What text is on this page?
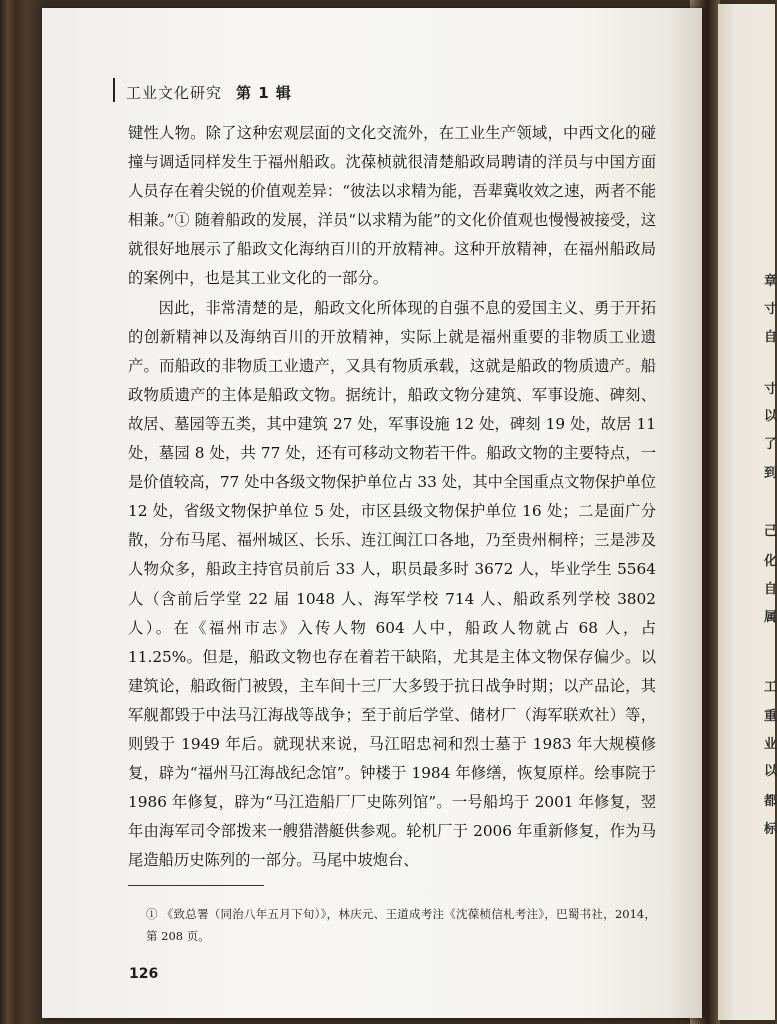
章
寸
自
寸
以
了
到
己
化
自
属
工
重
业
以
都
标
工业文化研究 第 1 辑

键性人物。除了这种宏观层面的文化交流外，在工业生产领域，中西文化的碰撞与调适同样发生于福州船政。沈葆桢就很清楚船政局聘请的洋员与中国方面人员存在着尖锐的价值观差异：“彼法以求精为能，吾辈冀收效之速，两者不能相兼。”① 随着船政的发展，洋员“以求精为能”的文化价值观也慢慢被接受，这就很好地展示了船政文化海纳百川的开放精神。这种开放精神，在福州船政局的案例中，也是其工业文化的一部分。

因此，非常清楚的是，船政文化所体现的自强不息的爱国主义、勇于开拓的创新精神以及海纳百川的开放精神，实际上就是福州重要的非物质工业遗产。而船政的非物质工业遗产，又具有物质承载，这就是船政的物质遗产。船政物质遗产的主体是船政文物。据统计，船政文物分建筑、军事设施、碑刻、故居、墓园等五类，其中建筑 27 处，军事设施 12 处，碑刻 19 处，故居 11 处，墓园 8 处，共 77 处，还有可移动文物若干件。船政文物的主要特点，一是价值较高，77 处中各级文物保护单位占 33 处，其中全国重点文物保护单位 12 处，省级文物保护单位 5 处，市区县级文物保护单位 16 处；二是面广分散，分布马尾、福州城区、长乐、连江闽江口各地，乃至贵州桐梓；三是涉及人物众多，船政主持官员前后 33 人，职员最多时 3672 人，毕业学生 5564 人（含前后学堂 22 届 1048 人、海军学校 714 人、船政系列学校 3802 人）。在《福州市志》入传人物 604 人中，船政人物就占 68 人，占 11.25%。但是，船政文物也存在着若干缺陷，尤其是主体文物保存偏少。以建筑论，船政衙门被毁，主车间十三厂大多毁于抗日战争时期；以产品论，其军舰都毁于中法马江海战等战争；至于前后学堂、储材厂（海军联欢社）等，则毁于 1949 年后。就现状来说，马江昭忠祠和烈士墓于 1983 年大规模修复，辟为“福州马江海战纪念馆”。钟楼于 1984 年修缮，恢复原样。绘事院于 1986 年修复，辟为“马江造船厂厂史陈列馆”。一号船坞于 2001 年修复，翌年由海军司令部拨来一艘猎潜艇供参观。轮机厂于 2006 年重新修复，作为马尾造船历史陈列的一部分。马尾中坡炮台、

① 《致总署（同治八年五月下旬）》，林庆元、王道成考注《沈葆桢信札考注》，巴蜀书社，2014，第 208 页。
126
